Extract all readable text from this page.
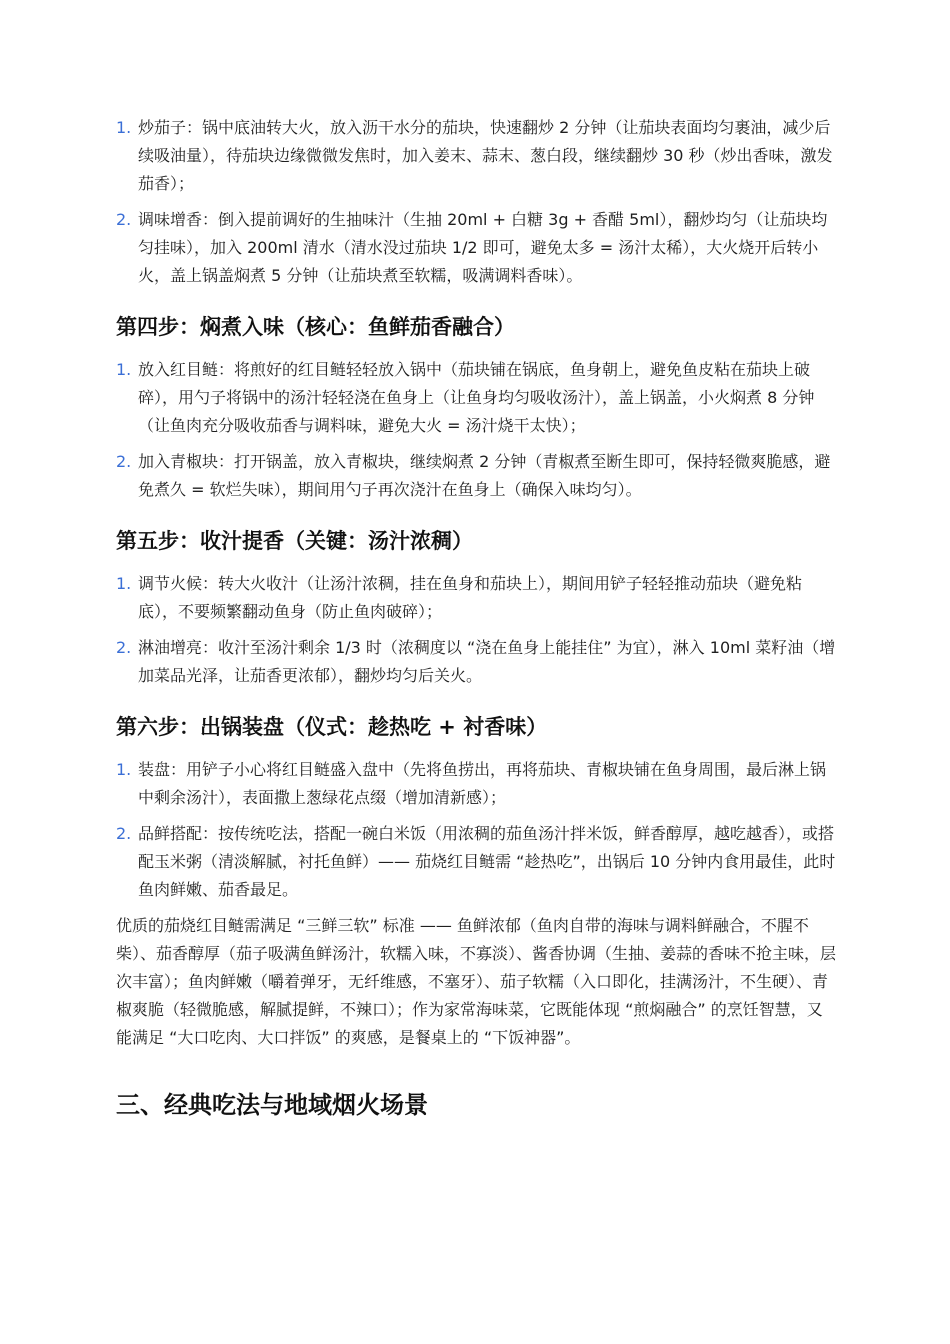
1. 炒茄子：锅中底油转大火，放入沥干水分的茄块，快速翻炒 2 分钟（让茄块表面均匀裹油，减少后续吸油量），待茄块边缘微微发焦时，加入姜末、蒜末、葱白段，继续翻炒 30 秒（炒出香味，激发茄香）；
2. 调味增香：倒入提前调好的生抽味汁（生抽 20ml + 白糖 3g + 香醋 5ml），翻炒均匀（让茄块均匀挂味），加入 200ml 清水（清水没过茄块 1/2 即可，避免太多 = 汤汁太稀），大火烧开后转小火，盖上锅盖焖煮 5 分钟（让茄块煮至软糯，吸满调料香味）。
第四步：焖煮入味（核心：鱼鲜茄香融合）
1. 放入红目鲢：将煎好的红目鲢轻轻放入锅中（茄块铺在锅底，鱼身朝上，避免鱼皮粘在茄块上破碎），用勺子将锅中的汤汁轻轻浇在鱼身上（让鱼身均匀吸收汤汁），盖上锅盖，小火焖煮 8 分钟（让鱼肉充分吸收茄香与调料味，避免大火 = 汤汁烧干太快）；
2. 加入青椒块：打开锅盖，放入青椒块，继续焖煮 2 分钟（青椒煮至断生即可，保持轻微爽脆感，避免煮久 = 软烂失味），期间用勺子再次浇汁在鱼身上（确保入味均匀）。
第五步：收汁提香（关键：汤汁浓稠）
1. 调节火候：转大火收汁（让汤汁浓稠，挂在鱼身和茄块上），期间用铲子轻轻推动茄块（避免粘底），不要频繁翻动鱼身（防止鱼肉破碎）；
2. 淋油增亮：收汁至汤汁剩余 1/3 时（浓稠度以 “浇在鱼身上能挂住” 为宜），淋入 10ml 菜籽油（增加菜品光泽，让茄香更浓郁），翻炒均匀后关火。
第六步：出锅装盘（仪式：趁热吃 + 衬香味）
1. 装盘：用铲子小心将红目鲢盛入盘中（先将鱼捞出，再将茄块、青椒块铺在鱼身周围，最后淋上锅中剩余汤汁），表面撒上葱绿花点缀（增加清新感）；
2. 品鲜搭配：按传统吃法，搭配一碗白米饭（用浓稠的茄鱼汤汁拌米饭，鲜香醇厚，越吃越香），或搭配玉米粥（清淡解腻，衬托鱼鲜）—— 茄烧红目鲢需 “趁热吃”，出锅后 10 分钟内食用最佳，此时鱼肉鲜嫩、茄香最足。

优质的茄烧红目鲢需满足 “三鲜三软” 标准 —— 鱼鲜浓郁（鱼肉自带的海味与调料鲜融合，不腥不柴）、茄香醇厚（茄子吸满鱼鲜汤汁，软糯入味，不寡淡）、酱香协调（生抽、姜蒜的香味不抢主味，层次丰富）；鱼肉鲜嫩（嚼着弹牙，无纤维感，不塞牙）、茄子软糯（入口即化，挂满汤汁，不生硬）、青椒爽脆（轻微脆感，解腻提鲜，不辣口）；作为家常海味菜，它既能体现 “煎焖融合” 的烹饪智慧，又能满足 “大口吃肉、大口拌饭” 的爽感，是餐桌上的 “下饭神器”。

三、经典吃法与地域烟火场景
